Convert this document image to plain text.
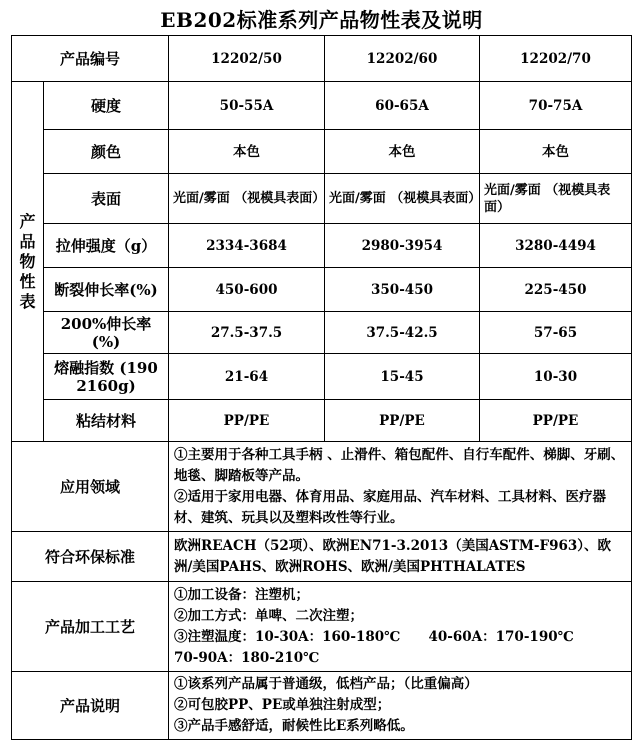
EB202标准系列产品物性表及说明
产品编号		12202/50	12202/60	12202/70

产
品
物
性
表	硬度	50-55A	60-65A	70-75A
	颜色	本色	本色	本色
	表面	光面/雾面 （视模具表面）	光面/雾面 （视模具表面）	光面/雾面 （视模具表面）
	拉伸强度（g）	2334-3684	2980-3954	3280-4494
	断裂伸长率(%)	450-600	350-450	225-450
	200%伸长率(%)	27.5-37.5	37.5-42.5	57-65
	熔融指数 (190 2160g)	21-64	15-45	10-30
	粘结材料	PP/PE	PP/PE	PP/PE
应用领域		①主要用于各种工具手柄 、止滑件、箱包配件、自行车配件、梯脚、牙刷、地毯、脚踏板等产品。
②适用于家用电器、体育用品、家庭用品、汽车材料、工具材料、医疗器材、建筑、玩具以及塑料改性等行业。		

符合环保标准		欧洲REACH（52项）、欧洲EN71-3.2013（美国ASTM-F963）、欧洲/美国PAHS、欧洲ROHS、欧洲/美国PHTHALATES		

产品加工工艺		①加工设备：注塑机；
②加工方式：单啤、二次注塑；
③注塑温度：10-30A：160-180℃      40-60A：170-190℃
70-90A：180-210℃		

产品说明		①该系列产品属于普通级，低档产品；（比重偏高）
②可包胶PP、PE或单独注射成型；
③产品手感舒适，耐候性比E系列略低。		
